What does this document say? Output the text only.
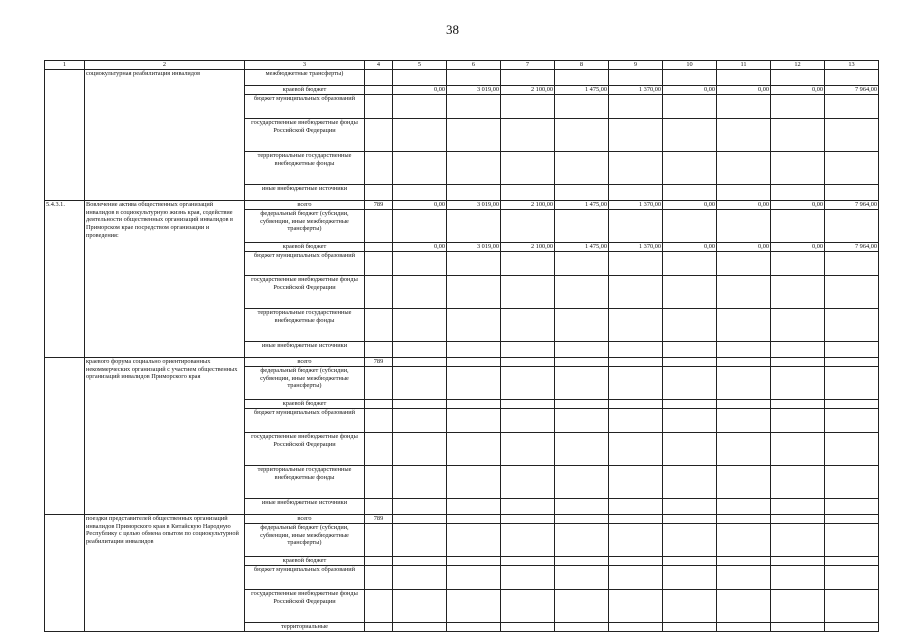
38
1	2	3	4	5	6	7	8	9	10	11	12	13
	социокультурная реабилитация инвалидов	межбюджетные трансферты)										
		краевой бюджет		0,00	3 019,00	2 100,00	1 475,00	1 370,00	0,00	0,00	0,00	7 964,00
		бюджет муниципальных образований										
		государственные внебюджетные фонды Российской Федерации										
		территориальные государственные внебюджетные фонды										
		иные внебюджетные источники										
5.4.3.1.	Вовлечение актива общественных организаций инвалидов в социокультурную жизнь края, содействие деятельности общественных организаций инвалидов в Приморском крае посредством организации и проведения:	всего	789	0,00	3 019,00	2 100,00	1 475,00	1 370,00	0,00	0,00	0,00	7 964,00
		федеральный бюджет (субсидии, субвенции, иные межбюджетные трансферты)										
		краевой бюджет		0,00	3 019,00	2 100,00	1 475,00	1 370,00	0,00	0,00	0,00	7 964,00
		бюджет муниципальных образований										
		государственные внебюджетные фонды Российской Федерации										
		территориальные государственные внебюджетные фонды										
		иные внебюджетные источники										
	краевого форума социально ориентированных некоммерческих организаций с участием общественных организаций инвалидов Приморского края	всего	789									
		федеральный бюджет (субсидии, субвенции, иные межбюджетные трансферты)										
		краевой бюджет										
		бюджет муниципальных образований										
		государственные внебюджетные фонды Российской Федерации										
		территориальные государственные внебюджетные фонды										
		иные внебюджетные источники										
	поездки представителей общественных организаций инвалидов Приморского края в Китайскую Народную Республику с целью обмена опытом по социокультурной реабилитации инвалидов	всего	789									
		федеральный бюджет (субсидии, субвенции, иные межбюджетные трансферты)										
		краевой бюджет										
		бюджет муниципальных образований										
		государственные внебюджетные фонды Российской Федерации										
		территориальные										
